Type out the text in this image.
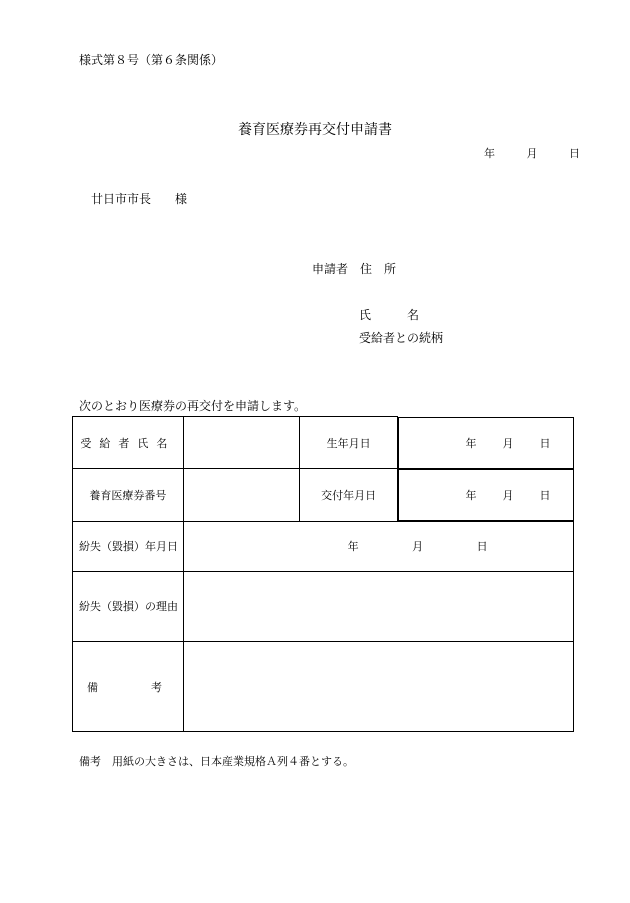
様式第８号（第６条関係）
養育医療券再交付申請書
年	月	日
廿日市市長 様
申請者　住　所
氏　名
受給者との続柄
次のとおり医療券の再交付を申請します。
受給者氏名		生年月日		年 月 日

養育医療券番号		交付年月日		年 月 日

紛失（毀損）年月日	年 月 日	
紛失（毀損）の理由		

備 考		

備考　用紙の大きさは、日本産業規格Ａ列４番とする。
